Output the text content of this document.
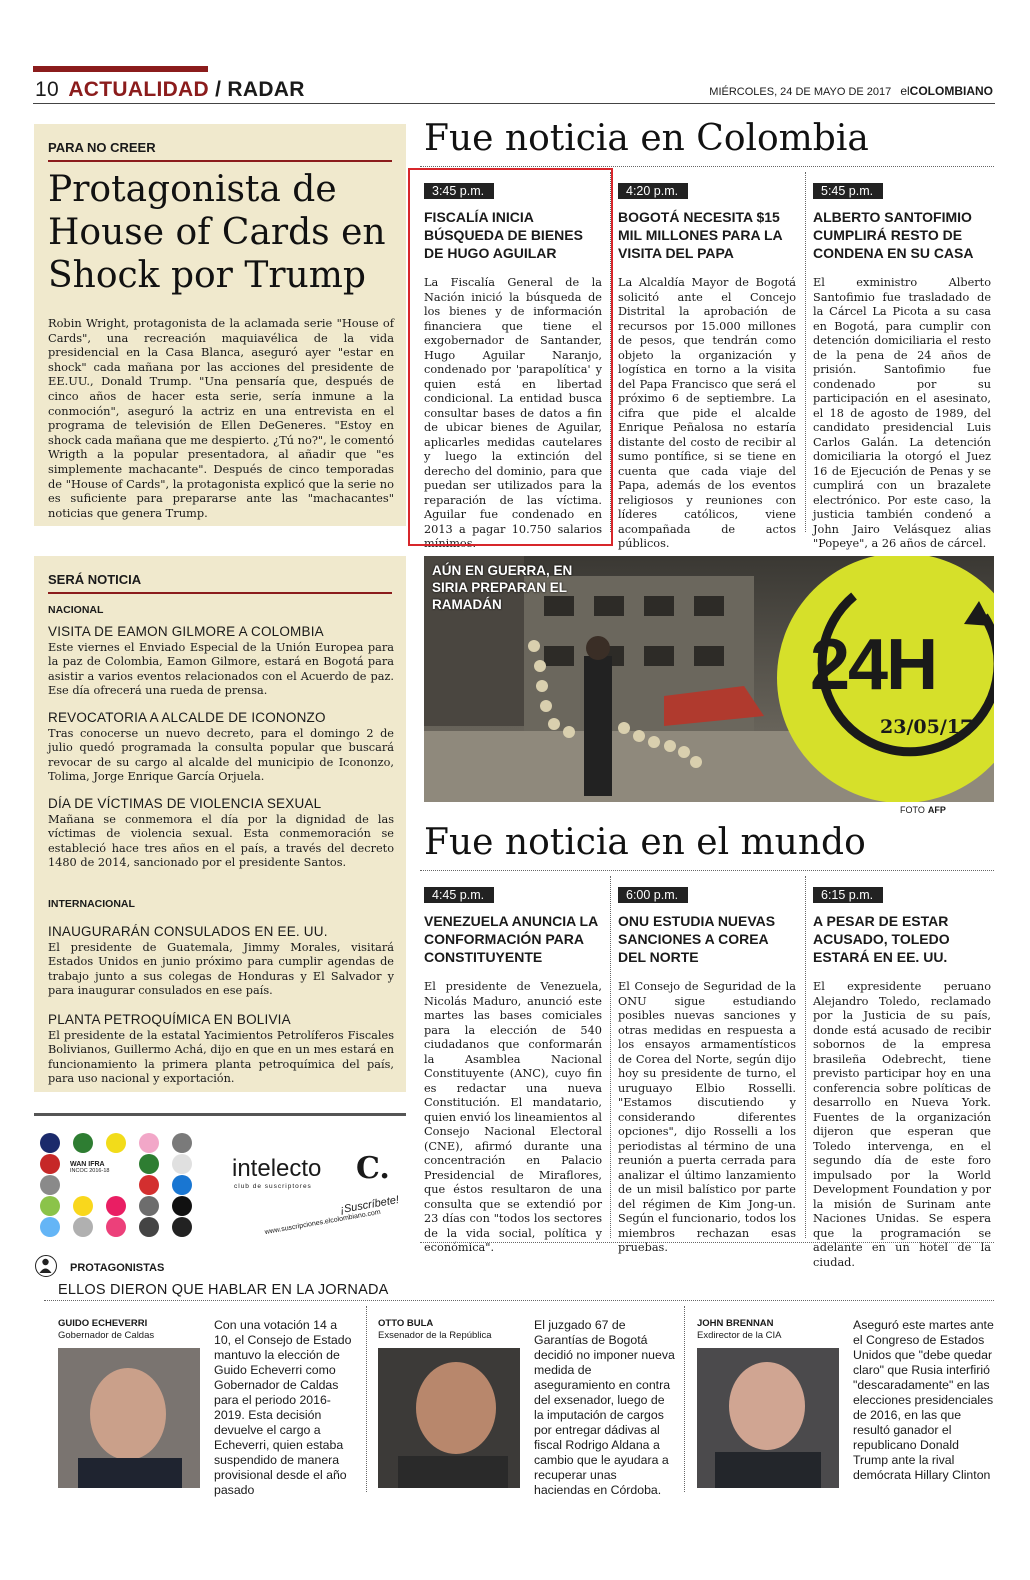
10 ACTUALIDAD / RADAR	MIÉRCOLES, 24 DE MAYO DE 2017 elCOLOMBIANO
PARA NO CREER
Protagonista de House of Cards en Shock por Trump

Robin Wright, protagonista de la aclamada serie "House of Cards", una recreación maquiavélica de la vida presidencial en la Casa Blanca, aseguró ayer "estar en shock" cada mañana por las acciones del presidente de EE.UU., Donald Trump. "Una pensaría que, después de cinco años de hacer esta serie, sería inmune a la conmoción", aseguró la actriz en una entrevista en el programa de televisión de Ellen DeGeneres. "Estoy en shock cada mañana que me despierto. ¿Tú no?", le comentó Wrigth a la popular presentadora, al añadir que "es simplemente machacante". Después de cinco temporadas de "House of Cards", la protagonista explicó que la serie no es suficiente para prepararse ante las "machacantes" noticias que genera Trump.

SERÁ NOTICIA
NACIONAL
VISITA DE EAMON GILMORE A COLOMBIA

Este viernes el Enviado Especial de la Unión Europea para la paz de Colombia, Eamon Gilmore, estará en Bogotá para asistir a varios eventos relacionados con el Acuerdo de paz. Ese día ofrecerá una rueda de prensa.

REVOCATORIA A ALCALDE DE ICONONZO

Tras conocerse un nuevo decreto, para el domingo 2 de julio quedó programada la consulta popular que buscará revocar de su cargo al alcalde del municipio de Icononzo, Tolima, Jorge Enrique García Orjuela.

DÍA DE VÍCTIMAS DE VIOLENCIA SEXUAL

Mañana se conmemora el día por la dignidad de las víctimas de violencia sexual. Esta conmemoración se estableció hace tres años en el país, a través del decreto 1480 de 2014, sancionado por el presidente Santos.

INTERNACIONAL
INAUGURARÁN CONSULADOS EN EE. UU.

El presidente de Guatemala, Jimmy Morales, visitará Estados Unidos en junio próximo para cumplir agendas de trabajo junto a sus colegas de Honduras y El Salvador y para inaugurar consulados en ese país.

PLANTA PETROQUÍMICA EN BOLIVIA

El presidente de la estatal Yacimientos Petrolíferos Fiscales Bolivianos, Guillermo Achá, dijo en que en un mes estará en funcionamiento la primera planta petroquímica del país, para uso nacional y exportación.

WAN IFRA
INCOC 2016-18	intelecto
club de suscriptores
C.
¡Suscríbete!
www.suscripciones.elcolombiano.com
Fue noticia en Colombia
3:45 p.m.
FISCALÍA INICIA BÚSQUEDA DE BIENES DE HUGO AGUILAR

La Fiscalía General de la Nación inició la búsqueda de los bienes y de información financiera que tiene el exgobernador de Santander, Hugo Aguilar Naranjo, condenado por 'parapolítica' y quien está en libertad condicional. La entidad busca consultar bases de datos a fin de ubicar bienes de Aguilar, aplicarles medidas cautelares y luego la extinción del derecho del dominio, para que puedan ser utilizados para la reparación de las víctima. Aguilar fue condenado en 2013 a pagar 10.750 salarios mínimos.

4:20 p.m.
BOGOTÁ NECESITA $15 MIL MILLONES PARA LA VISITA DEL PAPA

La Alcaldía Mayor de Bogotá solicitó ante el Concejo Distrital la aprobación de recursos por 15.000 millones de pesos, que tendrán como objeto la organización y logística en torno a la visita del Papa Francisco que será el próximo 6 de septiembre. La cifra que pide el alcalde Enrique Peñalosa no estaría distante del costo de recibir al sumo pontífice, si se tiene en cuenta que cada viaje del Papa, además de los eventos religiosos y reuniones con líderes católicos, viene acompañada de actos públicos.

5:45 p.m.
ALBERTO SANTOFIMIO CUMPLIRÁ RESTO DE CONDENA EN SU CASA

El exministro Alberto Santofimio fue trasladado de la Cárcel La Picota a su casa en Bogotá, para cumplir con detención domiciliaria el resto de la pena de 24 años de prisión. Santofimio fue condenado por su participación en el asesinato, el 18 de agosto de 1989, del candidato presidencial Luis Carlos Galán. La detención domiciliaria la otorgó el Juez 16 de Ejecución de Penas y se cumplirá con un brazalete electrónico. Por este caso, la justicia también condenó a John Jairo Velásquez alias "Popeye", a 26 años de cárcel.

AÚN EN GUERRA, EN SIRIA PREPARAN EL RAMADÁN
24H
23/05/17
FOTO AFP
Fue noticia en el mundo
4:45 p.m.
VENEZUELA ANUNCIA LA CONFORMACIÓN PARA CONSTITUYENTE

El presidente de Venezuela, Nicolás Maduro, anunció este martes las bases comiciales para la elección de 540 ciudadanos que conformarán la Asamblea Nacional Constituyente (ANC), cuyo fin es redactar una nueva Constitución. El mandatario, quien envió los lineamientos al Consejo Nacional Electoral (CNE), afirmó durante una concentración en Palacio Presidencial de Miraflores, que éstos resultaron de una consulta que se extendió por 23 días con "todos los sectores de la vida social, política y económica".

6:00 p.m.
ONU ESTUDIA NUEVAS SANCIONES A COREA DEL NORTE

El Consejo de Seguridad de la ONU sigue estudiando posibles nuevas sanciones y otras medidas en respuesta a los ensayos armamentísticos de Corea del Norte, según dijo hoy su presidente de turno, el uruguayo Elbio Rosselli. "Estamos discutiendo y considerando diferentes opciones", dijo Rosselli a los periodistas al término de una reunión a puerta cerrada para analizar el último lanzamiento de un misil balístico por parte del régimen de Kim Jong-un. Según el funcionario, todos los miembros rechazan esas pruebas.

6:15 p.m.
A PESAR DE ESTAR ACUSADO, TOLEDO ESTARÁ EN EE. UU.

El expresidente peruano Alejandro Toledo, reclamado por la Justicia de su país, donde está acusado de recibir sobornos de la empresa brasileña Odebrecht, tiene previsto participar hoy en una conferencia sobre políticas de desarrollo en Nueva York. Fuentes de la organización dijeron que esperan que Toledo intervenga, en el segundo día de este foro impulsado por la World Development Foundation y por la misión de Surinam ante Naciones Unidas. Se espera que la programación se adelante en un hotel de la ciudad.

PROTAGONISTAS
ELLOS DIERON QUE HABLAR EN LA JORNADA
GUIDO ECHEVERRI
Gobernador de Caldas
Con una votación 14 a 10, el Consejo de Estado mantuvo la elección de Guido Echeverri como Gobernador de Caldas para el periodo 2016-2019. Esta decisión devuelve el cargo a Echeverri, quien estaba suspendido de manera provisional desde el año pasado
OTTO BULA
Exsenador de la República
El juzgado 67 de Garantías de Bogotá decidió no imponer nueva medida de aseguramiento en contra del exsenador, luego de la imputación de cargos por entregar dádivas al fiscal Rodrigo Aldana a cambio que le ayudara a recuperar unas haciendas en Córdoba.
JOHN BRENNAN
Exdirector de la CIA
Aseguró este martes ante el Congreso de Estados Unidos que "debe quedar claro" que Rusia interfirió "descaradamente" en las elecciones presidenciales de 2016, en las que resultó ganador el republicano Donald Trump ante la rival demócrata Hillary Clinton
